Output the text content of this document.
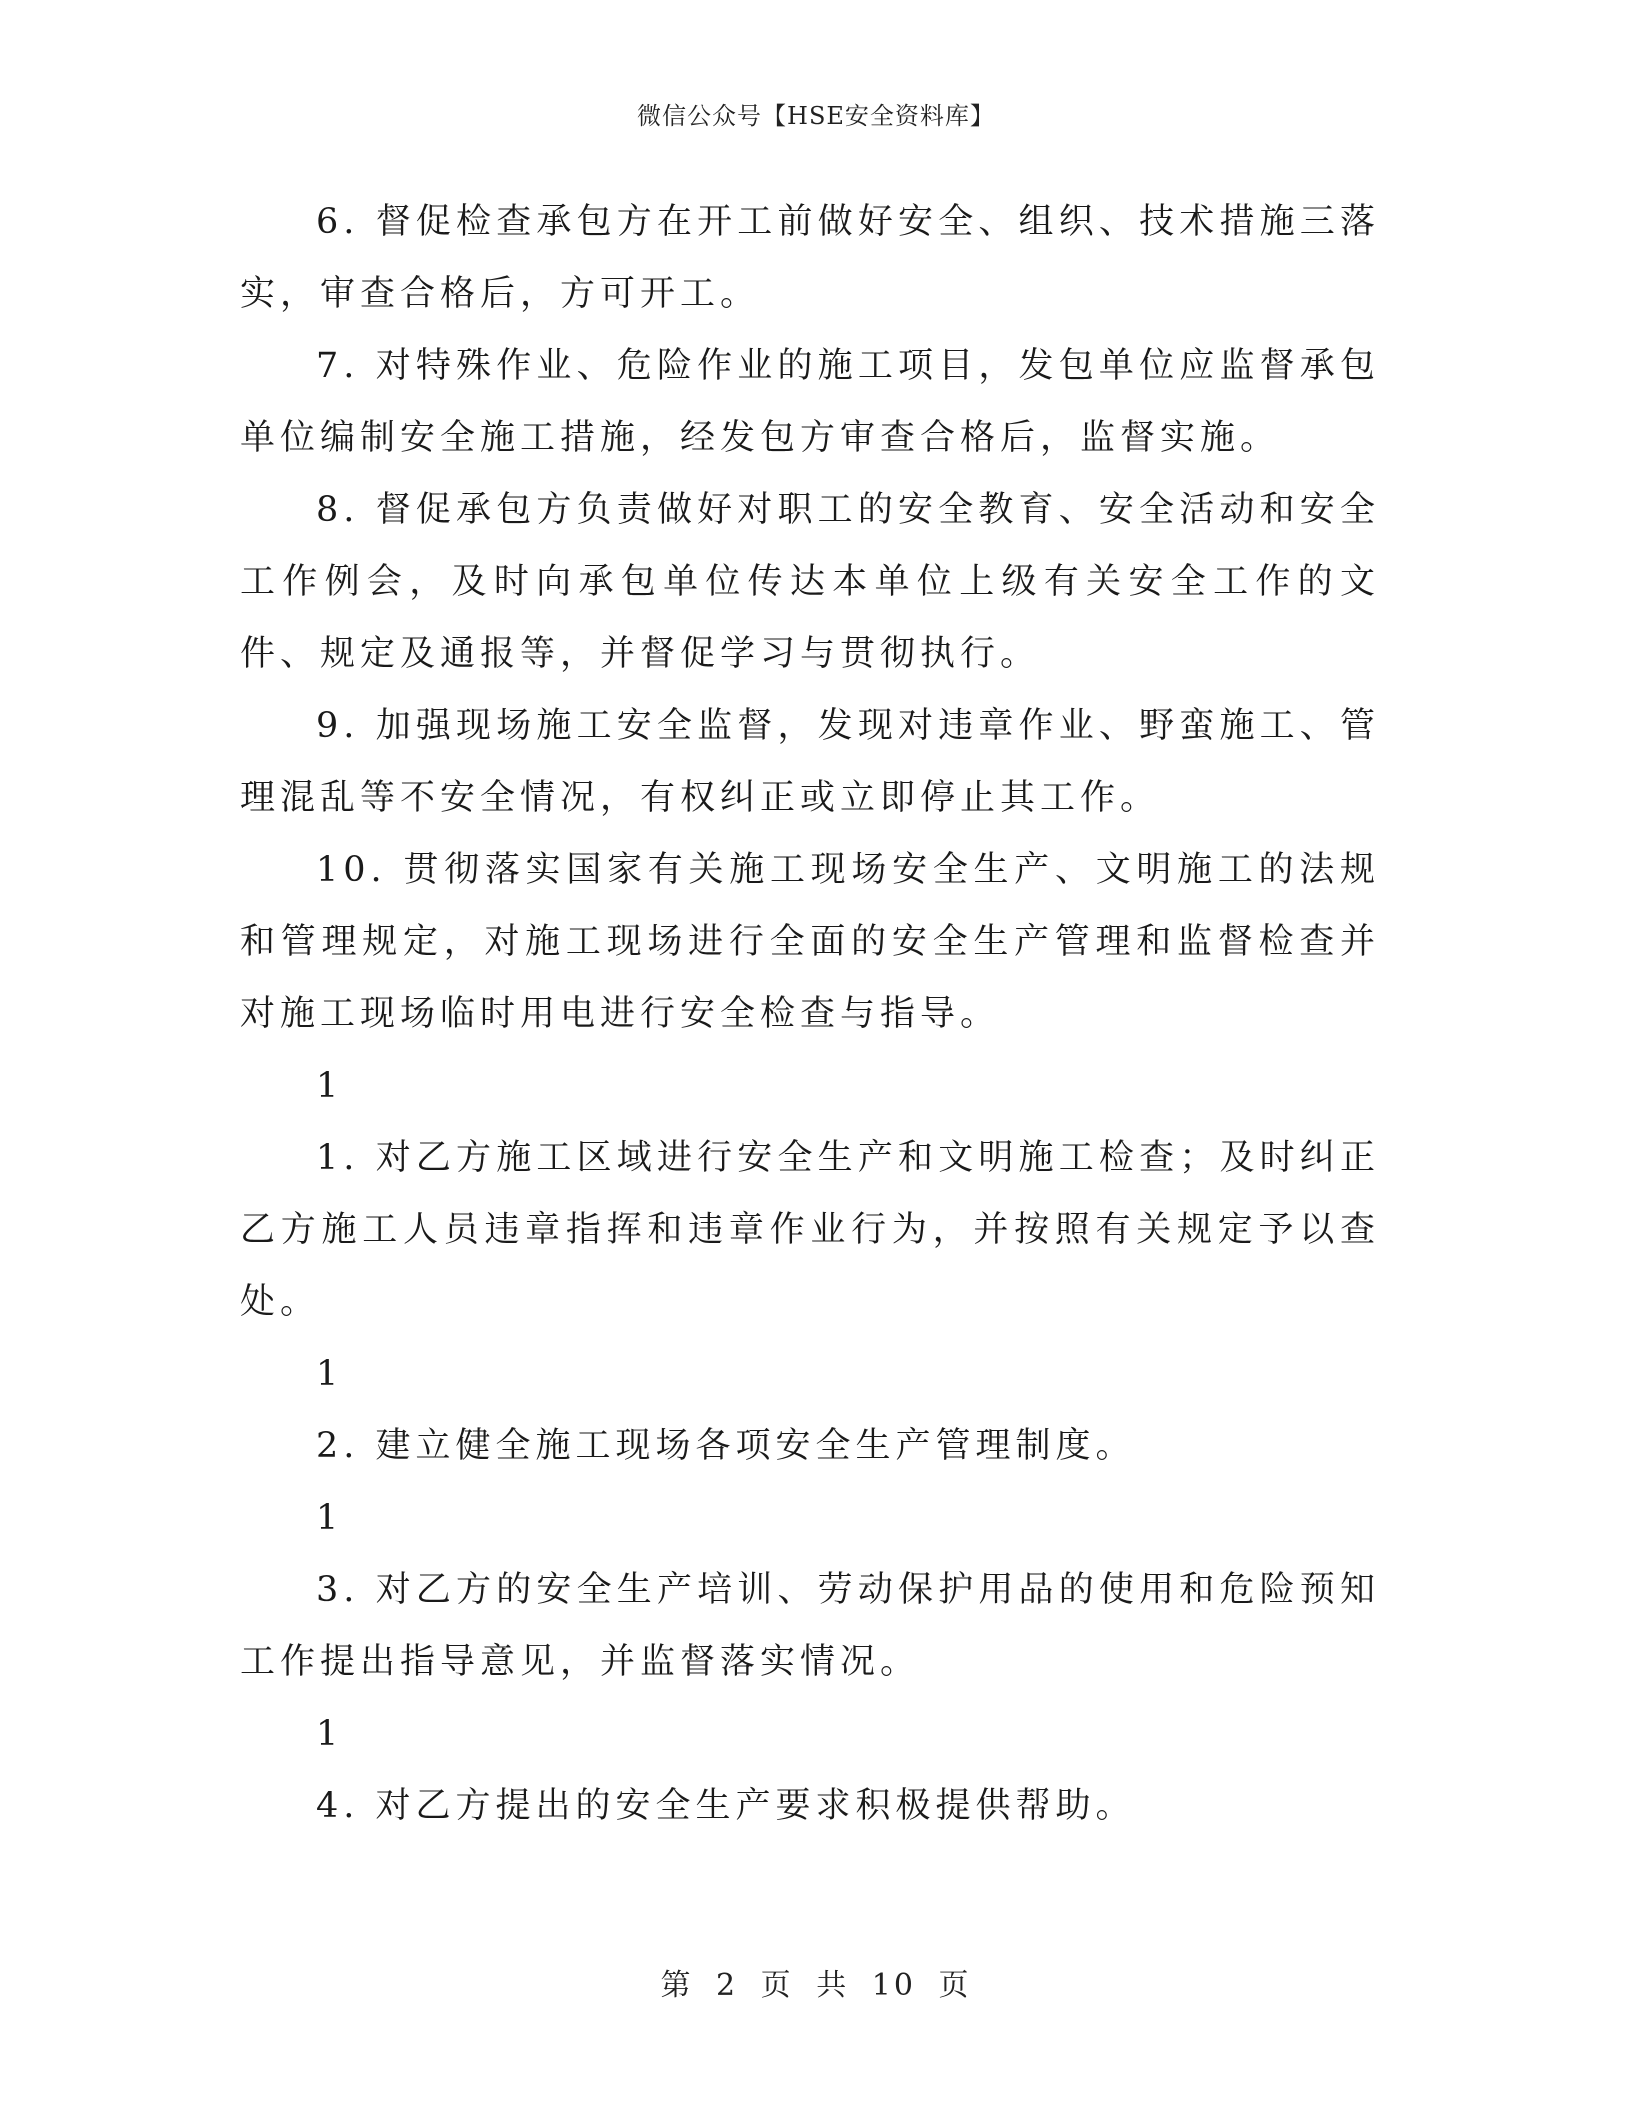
微信公众号【HSE安全资料库】

6. 督促检查承包方在开工前做好安全、组织、技术措施三落实，审查合格后，方可开工。

7. 对特殊作业、危险作业的施工项目，发包单位应监督承包单位编制安全施工措施，经发包方审查合格后，监督实施。

8. 督促承包方负责做好对职工的安全教育、安全活动和安全工作例会，及时向承包单位传达本单位上级有关安全工作的文件、规定及通报等，并督促学习与贯彻执行。

9. 加强现场施工安全监督，发现对违章作业、野蛮施工、管理混乱等不安全情况，有权纠正或立即停止其工作。

10. 贯彻落实国家有关施工现场安全生产、文明施工的法规和管理规定，对施工现场进行全面的安全生产管理和监督检查并对施工现场临时用电进行安全检查与指导。

1

1. 对乙方施工区域进行安全生产和文明施工检查；及时纠正乙方施工人员违章指挥和违章作业行为，并按照有关规定予以查处。

1

2. 建立健全施工现场各项安全生产管理制度。

1

3. 对乙方的安全生产培训、劳动保护用品的使用和危险预知工作提出指导意见，并监督落实情况。

1

4. 对乙方提出的安全生产要求积极提供帮助。

第 2 页 共 10 页
